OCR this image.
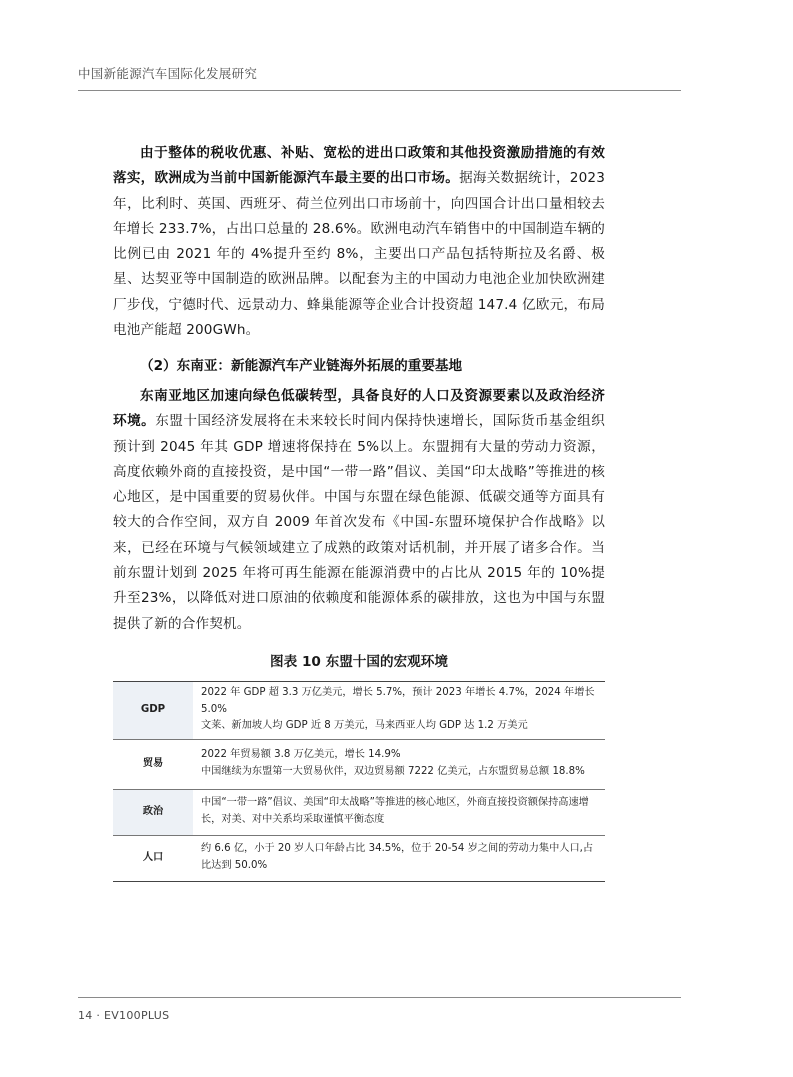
中国新能源汽车国际化发展研究

由于整体的税收优惠、补贴、宽松的进出口政策和其他投资激励措施的有效落实，欧洲成为当前中国新能源汽车最主要的出口市场。据海关数据统计，2023 年，比利时、英国、西班牙、荷兰位列出口市场前十，向四国合计出口量相较去年增长 233.7%，占出口总量的 28.6%。欧洲电动汽车销售中的中国制造车辆的比例已由 2021 年的 4%提升至约 8%，主要出口产品包括特斯拉及名爵、极星、达契亚等中国制造的欧洲品牌。以配套为主的中国动力电池企业加快欧洲建厂步伐，宁德时代、远景动力、蜂巢能源等企业合计投资超 147.4 亿欧元，布局电池产能超 200GWh。

（2）东南亚：新能源汽车产业链海外拓展的重要基地

东南亚地区加速向绿色低碳转型，具备良好的人口及资源要素以及政治经济环境。东盟十国经济发展将在未来较长时间内保持快速增长，国际货币基金组织预计到 2045 年其 GDP 增速将保持在 5%以上。东盟拥有大量的劳动力资源，高度依赖外商的直接投资，是中国“一带一路”倡议、美国“印太战略”等推进的核心地区，是中国重要的贸易伙伴。中国与东盟在绿色能源、低碳交通等方面具有较大的合作空间，双方自 2009 年首次发布《中国-东盟环境保护合作战略》以来，已经在环境与气候领域建立了成熟的政策对话机制，并开展了诸多合作。当前东盟计划到 2025 年将可再生能源在能源消费中的占比从 2015 年的 10%提升至23%，以降低对进口原油的依赖度和能源体系的碳排放，这也为中国与东盟提供了新的合作契机。

图表 10 东盟十国的宏观环境

GDP	2022 年 GDP 超 3.3 万亿美元，增长 5.7%，预计 2023 年增长 4.7%，2024 年增长 5.0%
文莱、新加坡人均 GDP 近 8 万美元，马来西亚人均 GDP 达 1.2 万美元

贸易	2022 年贸易额 3.8 万亿美元，增长 14.9%
中国继续为东盟第一大贸易伙伴，双边贸易额 7222 亿美元，占东盟贸易总额 18.8%

政治	中国“一带一路”倡议、美国“印太战略”等推进的核心地区，外商直接投资额保持高速增长，对美、对中关系均采取谨慎平衡态度

人口	约 6.6 亿，小于 20 岁人口年龄占比 34.5%，位于 20-54 岁之间的劳动力集中人口,占比达到 50.0%
14 · EV100PLUS
